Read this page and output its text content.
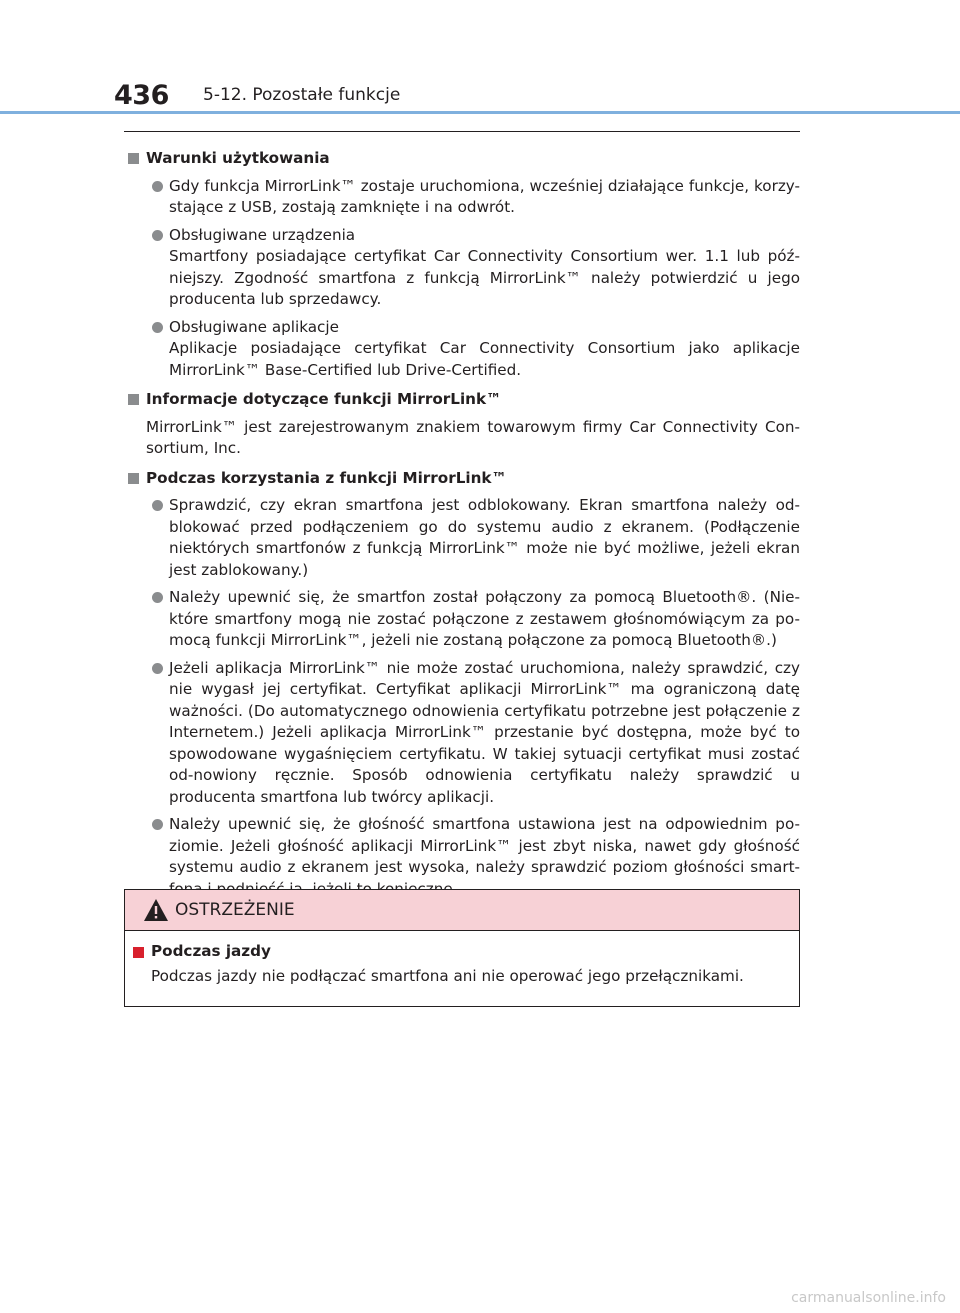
436 5-12. Pozostałe funkcje
Warunki użytkowania
Gdy funkcja MirrorLink™ zostaje uruchomiona, wcześniej działające funkcje, korzy-stające z USB, zostają zamknięte i na odwrót.
Obsługiwane urządzenia
Smartfony posiadające certyfikat Car Connectivity Consortium wer. 1.1 lub póź-niejszy. Zgodność smartfona z funkcją MirrorLink™ należy potwierdzić u jego producenta lub sprzedawcy.
Obsługiwane aplikacje
Aplikacje posiadające certyfikat Car Connectivity Consortium jako aplikacje MirrorLink™ Base-Certified lub Drive-Certified.
Informacje dotyczące funkcji MirrorLink™
MirrorLink™ jest zarejestrowanym znakiem towarowym firmy Car Connectivity Con-sortium, Inc.
Podczas korzystania z funkcji MirrorLink™
Sprawdzić, czy ekran smartfona jest odblokowany. Ekran smartfona należy od-blokować przed podłączeniem go do systemu audio z ekranem. (Podłączenie niektórych smartfonów z funkcją MirrorLink™ może nie być możliwe, jeżeli ekran jest zablokowany.)
Należy upewnić się, że smartfon został połączony za pomocą Bluetooth®. (Nie-które smartfony mogą nie zostać połączone z zestawem głośnomówiącym za po-mocą funkcji MirrorLink™, jeżeli nie zostaną połączone za pomocą Bluetooth®.)
Jeżeli aplikacja MirrorLink™ nie może zostać uruchomiona, należy sprawdzić, czy nie wygasł jej certyfikat. Certyfikat aplikacji MirrorLink™ ma ograniczoną datę ważności. (Do automatycznego odnowienia certyfikatu potrzebne jest połączenie z Internetem.) Jeżeli aplikacja MirrorLink™ przestanie być dostępna, może być to spowodowane wygaśnięciem certyfikatu. W takiej sytuacji certyfikat musi zostać od-nowiony ręcznie. Sposób odnowienia certyfikatu należy sprawdzić u producenta smartfona lub twórcy aplikacji.
Należy upewnić się, że głośność smartfona ustawiona jest na odpowiednim po-ziomie. Jeżeli głośność aplikacji MirrorLink™ jest zbyt niska, nawet gdy głośność systemu audio z ekranem jest wysoka, należy sprawdzić poziom głośności smart-
OSTRZEŻENIE
Podczas jazdy
Podczas jazdy nie podłączać smartfona ani nie operować jego przełącznikami.
carmanualsonline.info
